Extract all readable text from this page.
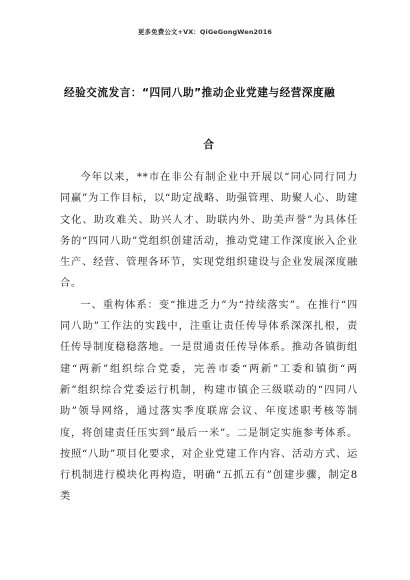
更多免费公文+VX：QiGeGongWen2016
经验交流发言：“四同八助”推动企业党建与经营深度融
合

今年以来，**市在非公有制企业中开展以“同心同行同力同赢”为工作目标，以“助定战略、助强管理、助聚人心、助建文化、助攻难关、助兴人才、助联内外、助美声誉”为具体任务的“四同八助”党组织创建活动，推动党建工作深度嵌入企业生产、经营、管理各环节，实现党组织建设与企业发展深度融合。

一、重构体系：变“推进乏力”为“持续落实”。在推行“四同八助”工作法的实践中，注重让责任传导体系深深扎根，责任传导制度稳稳落地。一是贯通责任传导体系。推动各镇街组建“两新”组织综合党委，完善市委“两新”工委和镇街“两新”组织综合党委运行机制，构建市镇企三级联动的“四同八助”领导网络，通过落实季度联席会议、年度述职考核等制度，将创建责任压实到“最后一米”。二是制定实施参考体系。按照“八助”项目化要求，对企业党建工作内容、活动方式、运行机制进行模块化再构造，明确“五抓五有”创建步骤，制定8类
